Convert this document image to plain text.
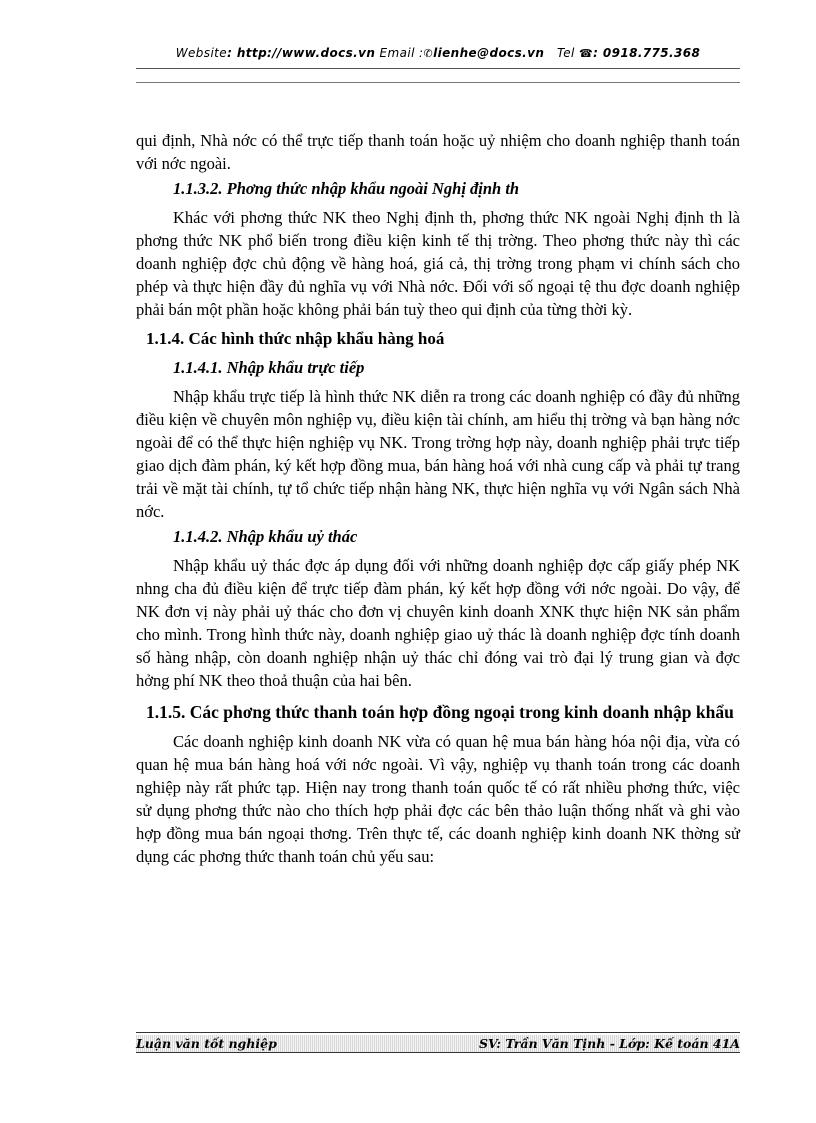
Website: http://www.docs.vn Email :✆lienhe@docs.vn Tel ☎: 0918.775.368

qui định, Nhà nớc có thể trực tiếp thanh toán hoặc uỷ nhiệm cho doanh nghiệp thanh toán với nớc ngoài.

1.1.3.2. Phơng thức nhập khẩu ngoài Nghị định th

Khác với phơng thức NK theo Nghị định th, phơng thức NK ngoài Nghị định th là phơng thức NK phổ biến trong điều kiện kinh tế thị trờng. Theo phơng thức này thì các doanh nghiệp đợc chủ động về hàng hoá, giá cả, thị trờng trong phạm vi chính sách cho phép và thực hiện đầy đủ nghĩa vụ với Nhà nớc. Đối với số ngoại tệ thu đợc doanh nghiệp phải bán một phần hoặc không phải bán tuỳ theo qui định của từng thời kỳ.

1.1.4. Các hình thức nhập khẩu hàng hoá
1.1.4.1. Nhập khẩu trực tiếp

Nhập khẩu trực tiếp là hình thức NK diễn ra trong các doanh nghiệp có đầy đủ những điều kiện về chuyên môn nghiệp vụ, điều kiện tài chính, am hiểu thị trờng và bạn hàng nớc ngoài để có thể thực hiện nghiệp vụ NK. Trong trờng hợp này, doanh nghiệp phải trực tiếp giao dịch đàm phán, ký kết hợp đồng mua, bán hàng hoá với nhà cung cấp và phải tự trang trải về mặt tài chính, tự tổ chức tiếp nhận hàng NK, thực hiện nghĩa vụ với Ngân sách Nhà nớc.

1.1.4.2. Nhập khẩu uỷ thác

Nhập khẩu uỷ thác đợc áp dụng đối với những doanh nghiệp đợc cấp giấy phép NK nhng cha đủ điều kiện để trực tiếp đàm phán, ký kết hợp đồng với nớc ngoài. Do vậy, để NK đơn vị này phải uỷ thác cho đơn vị chuyên kinh doanh XNK thực hiện NK sản phẩm cho mình. Trong hình thức này, doanh nghiệp giao uỷ thác là doanh nghiệp đợc tính doanh số hàng nhập, còn doanh nghiệp nhận uỷ thác chỉ đóng vai trò đại lý trung gian và đợc hởng phí NK theo thoả thuận của hai bên.

1.1.5. Các phơng thức thanh toán hợp đồng ngoại trong kinh doanh nhập khẩu

Các doanh nghiệp kinh doanh NK vừa có quan hệ mua bán hàng hóa nội địa, vừa có quan hệ mua bán hàng hoá với nớc ngoài. Vì vậy, nghiệp vụ thanh toán trong các doanh nghiệp này rất phức tạp. Hiện nay trong thanh toán quốc tế có rất nhiều phơng thức, việc sử dụng phơng thức nào cho thích hợp phải đợc các bên thảo luận thống nhất và ghi vào hợp đồng mua bán ngoại thơng. Trên thực tế, các doanh nghiệp kinh doanh NK thờng sử dụng các phơng thức thanh toán chủ yếu sau:

Luận văn tốt nghiệp	SV: Trần Văn Tịnh - Lớp: Kế toán 41A
